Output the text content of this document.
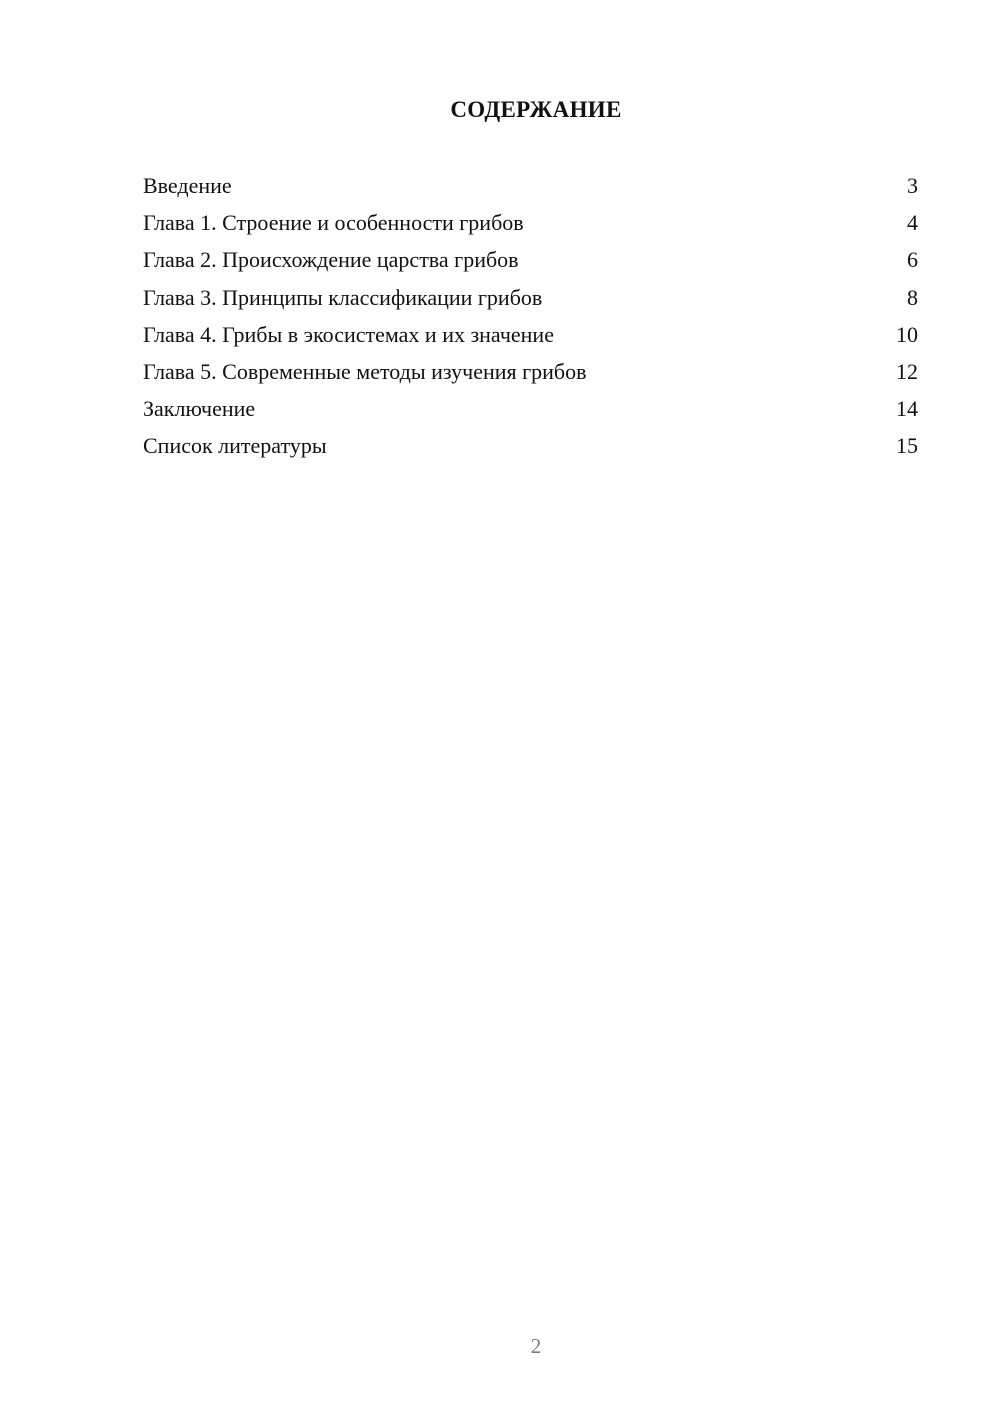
СОДЕРЖАНИЕ
Введение	3
Глава 1. Строение и особенности грибов	4
Глава 2. Происхождение царства грибов	6
Глава 3. Принципы классификации грибов	8
Глава 4. Грибы в экосистемах и их значение	10
Глава 5. Современные методы изучения грибов	12
Заключение	14
Список литературы	15
2
